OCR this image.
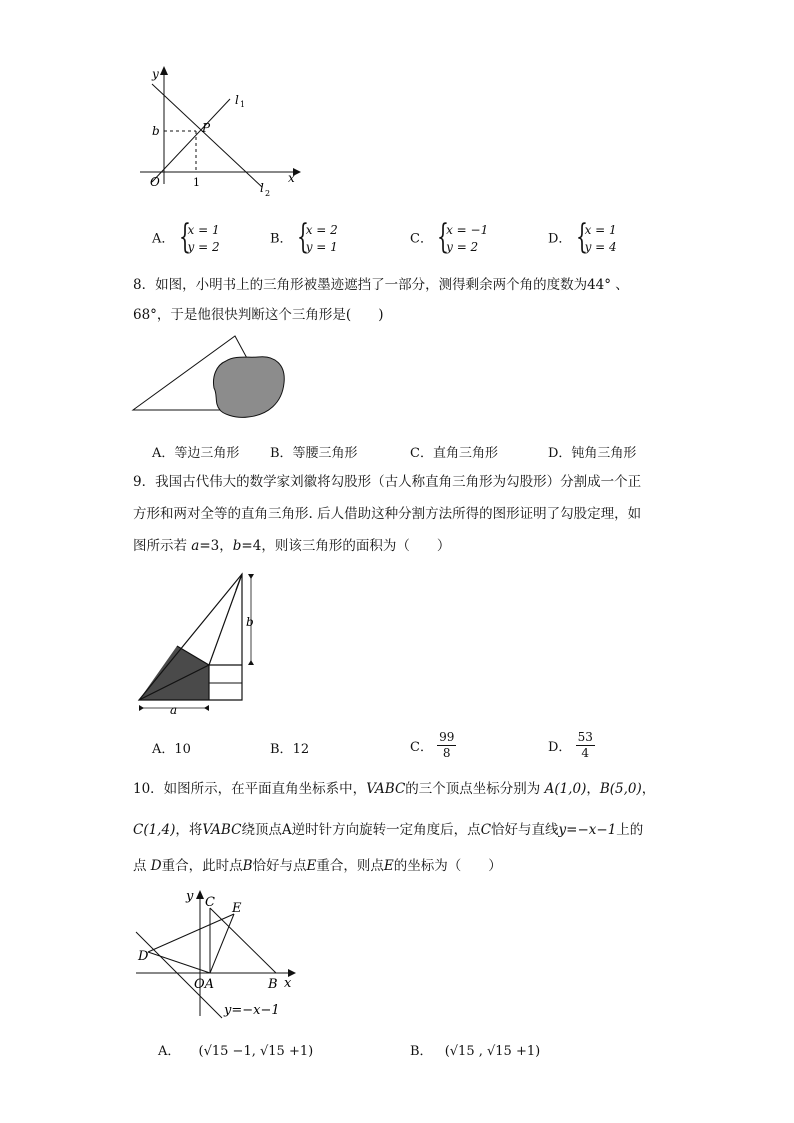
y
x
l 1
l 2
b	P
O	1
A． {
x = 1
y = 2
B． {
x = 2
y = 1
C． {
x = −1
y = 2
D． {
x = 1
y = 4
8．如图，小明书上的三角形被墨迹遮挡了一部分，测得剩余两个角的度数为44° 、
68°，于是他很快判断这个三角形是(　　)
A．等边三角形 B．等腰三角形	C．直角三角形	D．钝角三角形
9．我国古代伟大的数学家刘徽将勾股形（古人称直角三角形为勾股形）分割成一个正
方形和两对全等的直角三角形. 后人借助这种分割方法所得的图形证明了勾股定理，如
图所示若 a=3，b=4，则该三角形的面积为（　　）
b
a
A．10	B．12	C． $\frac{99}{8}$	D． $\frac{53}{4}$
10．如图所示，在平面直角坐标系中，VABC的三个顶点坐标分别为 A(1,0)，B(5,0)，
C(1,4)，将VABC绕顶点A逆时针方向旋转一定角度后，点C恰好与直线y=−x−1上的
点 D重合，此时点B恰好与点E重合，则点E的坐标为（　　）
y
x
C E
D
OA	B
y=−x−1
A． (√15 −1, √15 +1)	B． (√15 , √15 +1)
